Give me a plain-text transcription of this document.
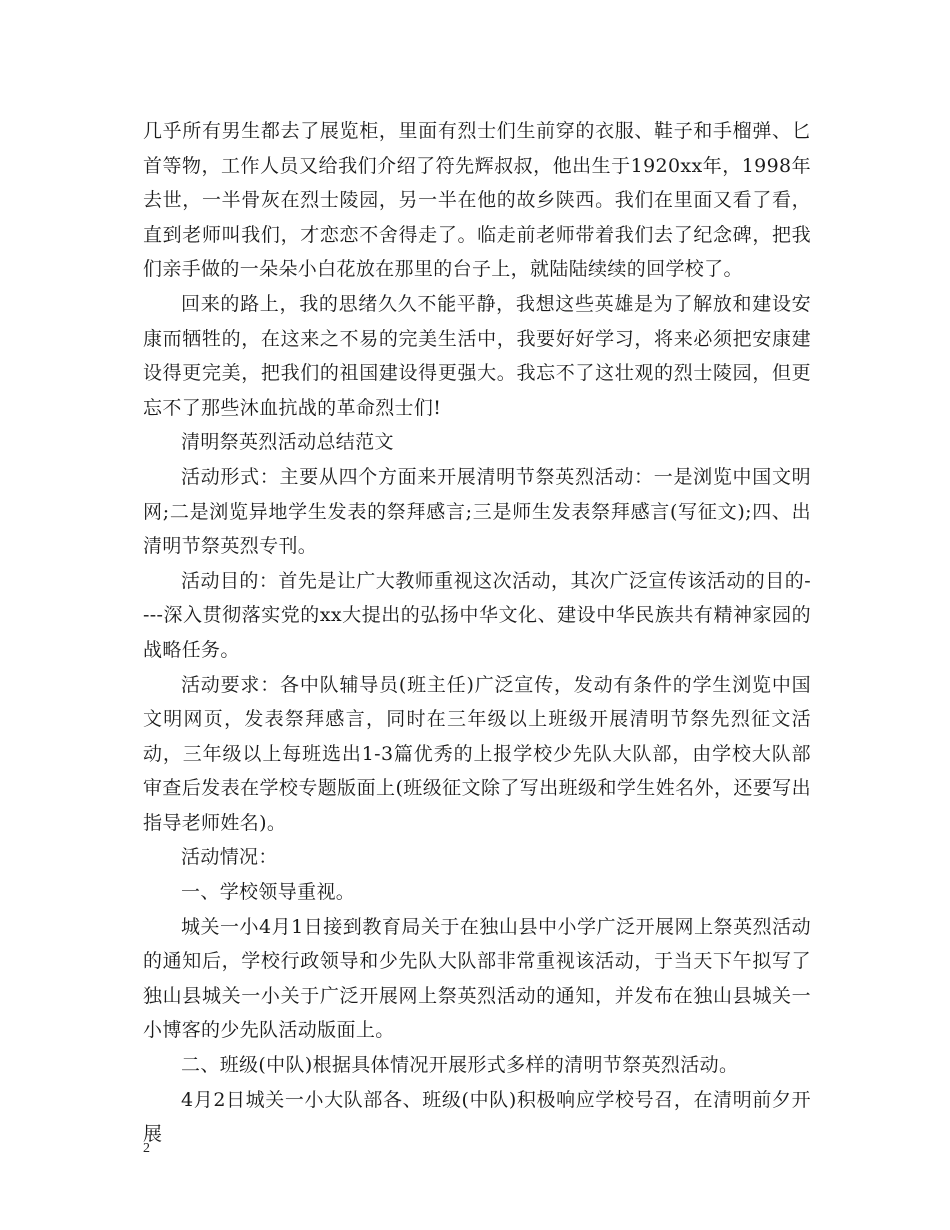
几乎所有男生都去了展览柜，里面有烈士们生前穿的衣服、鞋子和手榴弹、匕首等物，工作人员又给我们介绍了符先辉叔叔，他出生于1920xx年，1998年去世，一半骨灰在烈士陵园，另一半在他的故乡陕西。我们在里面又看了看，直到老师叫我们，才恋恋不舍得走了。临走前老师带着我们去了纪念碑，把我们亲手做的一朵朵小白花放在那里的台子上，就陆陆续续的回学校了。

回来的路上，我的思绪久久不能平静，我想这些英雄是为了解放和建设安康而牺牲的，在这来之不易的完美生活中，我要好好学习，将来必须把安康建设得更完美，把我们的祖国建设得更强大。我忘不了这壮观的烈士陵园，但更忘不了那些沐血抗战的革命烈士们!

清明祭英烈活动总结范文

活动形式：主要从四个方面来开展清明节祭英烈活动：一是浏览中国文明网;二是浏览异地学生发表的祭拜感言;三是师生发表祭拜感言(写征文);四、出清明节祭英烈专刊。

活动目的：首先是让广大教师重视这次活动，其次广泛宣传该活动的目的----深入贯彻落实党的xx大提出的弘扬中华文化、建设中华民族共有精神家园的战略任务。

活动要求：各中队辅导员(班主任)广泛宣传，发动有条件的学生浏览中国文明网页，发表祭拜感言，同时在三年级以上班级开展清明节祭先烈征文活动，三年级以上每班选出1-3篇优秀的上报学校少先队大队部，由学校大队部审查后发表在学校专题版面上(班级征文除了写出班级和学生姓名外，还要写出指导老师姓名)。

活动情况：

一、学校领导重视。

城关一小4月1日接到教育局关于在独山县中小学广泛开展网上祭英烈活动的通知后，学校行政领导和少先队大队部非常重视该活动，于当天下午拟写了独山县城关一小关于广泛开展网上祭英烈活动的通知，并发布在独山县城关一小博客的少先队活动版面上。

二、班级(中队)根据具体情况开展形式多样的清明节祭英烈活动。

4月2日城关一小大队部各、班级(中队)积极响应学校号召，在清明前夕开展

2
